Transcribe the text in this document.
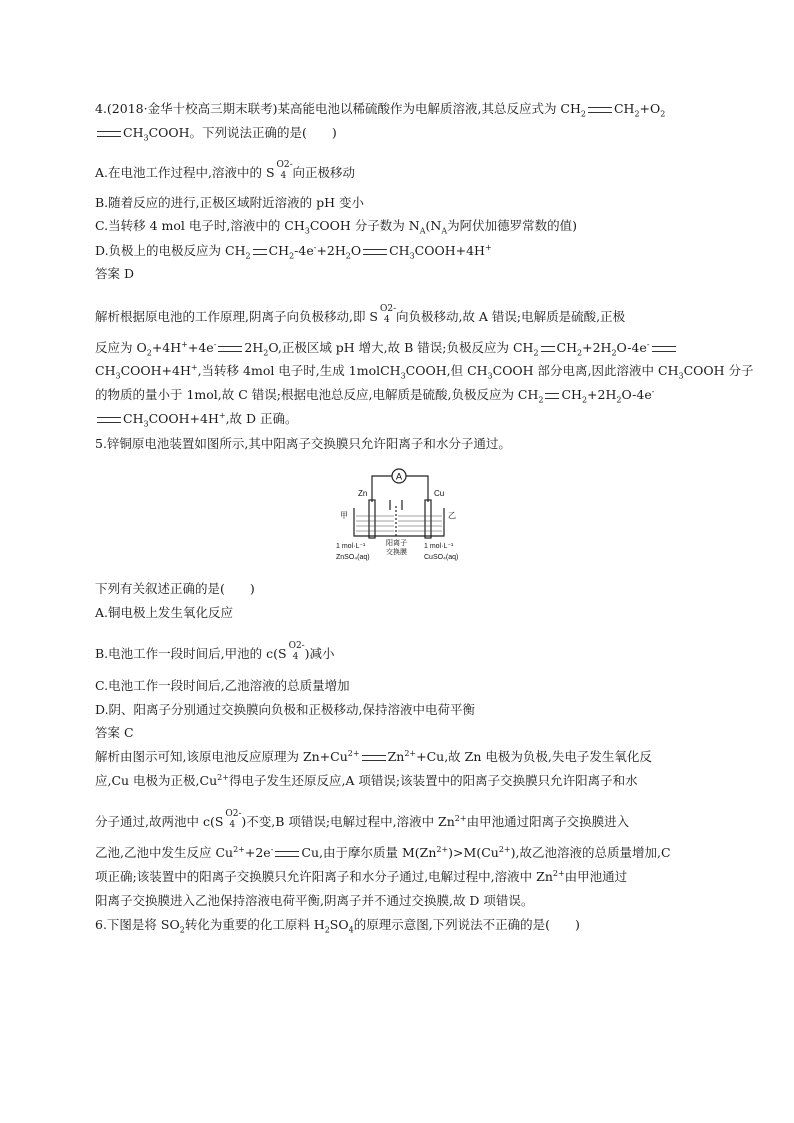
4.(2018·金华十校高三期末联考)某高能电池以稀硫酸作为电解质溶液,其总反应式为 $CH_2$ $CH_2+O_2$
$CH_3COOH$。下列说法正确的是(　　)
A.在电池工作过程中,溶液中的 S
O2-
4 向正极移动
B.随着反应的进行,正极区域附近溶液的 pH 变小
C.当转移 4 mol 电子时,溶液中的 $CH_3COOH$ 分子数为 $N_A(N_A$为阿伏加德罗常数的值)
D.负极上的电极反应为 $CH_2$ $CH_2-4e^-+2H_2O$ $CH_3COOH+4H^+$
答案 D
解析根据原电池的工作原理,阴离子向负极移动,即 S
O2-
4 向负极移动,故 A 错误;电解质是硫酸,正极
反应为 $O_2+4H^++4e^-$ $2H_2O$,正极区域 pH 增大,故 B 错误;负极反应为 $CH_2$ $CH_2+2H_2O-4e^-$
$CH_3COOH+4H^+$,当转移 4mol 电子时,生成 1molCH$_3$COOH,但 $CH_3COOH$ 部分电离,因此溶液中 $CH_3COOH$ 分子
的物质的量小于 1mol,故 C 错误;根据电池总反应,电解质是硫酸,负极反应为 $CH_2$ $CH_2+2H_2O-4e^-$
$CH_3COOH+4H^+$,故 D 正确。
5.锌铜原电池装置如图所示,其中阳离子交换膜只允许阳离子和水分子通过。
A
Zn	Cu
甲	乙
1 mol·L⁻¹
ZnSO₄(aq)
阳离子
交换膜
1 mol·L⁻¹
CuSO₄(aq)
下列有关叙述正确的是(　　)
A.铜电极上发生氧化反应
B.电池工作一段时间后,甲池的 c(S
O2-
4 )减小
C.电池工作一段时间后,乙池溶液的总质量增加
D.阴、阳离子分别通过交换膜向负极和正极移动,保持溶液中电荷平衡
答案 C
解析由图示可知,该原电池反应原理为 $Zn+Cu^{2+}$ $Zn^{2+}+Cu$,故 Zn 电极为负极,失电子发生氧化反
应,Cu 电极为正极$,Cu^{2+}$得电子发生还原反应,A 项错误;该装置中的阳离子交换膜只允许阳离子和水
分子通过,故两池中 c(S
O2-
4 )不变,B 项错误;电解过程中,溶液中 $Zn^{2+}$由甲池通过阳离子交换膜进入
乙池,乙池中发生反应 $Cu^{2+}+2e^-$ Cu,由于摩尔质量 $M(Zn^{2+})>M(Cu^{2+})$,故乙池溶液的总质量增加,C
项正确;该装置中的阳离子交换膜只允许阳离子和水分子通过,电解过程中,溶液中 $Zn^{2+}$由甲池通过
阳离子交换膜进入乙池保持溶液电荷平衡,阴离子并不通过交换膜,故 D 项错误。
6.下图是将 $SO_2$转化为重要的化工原料 $H_2SO_4$的原理示意图,下列说法不正确的是(　　)
